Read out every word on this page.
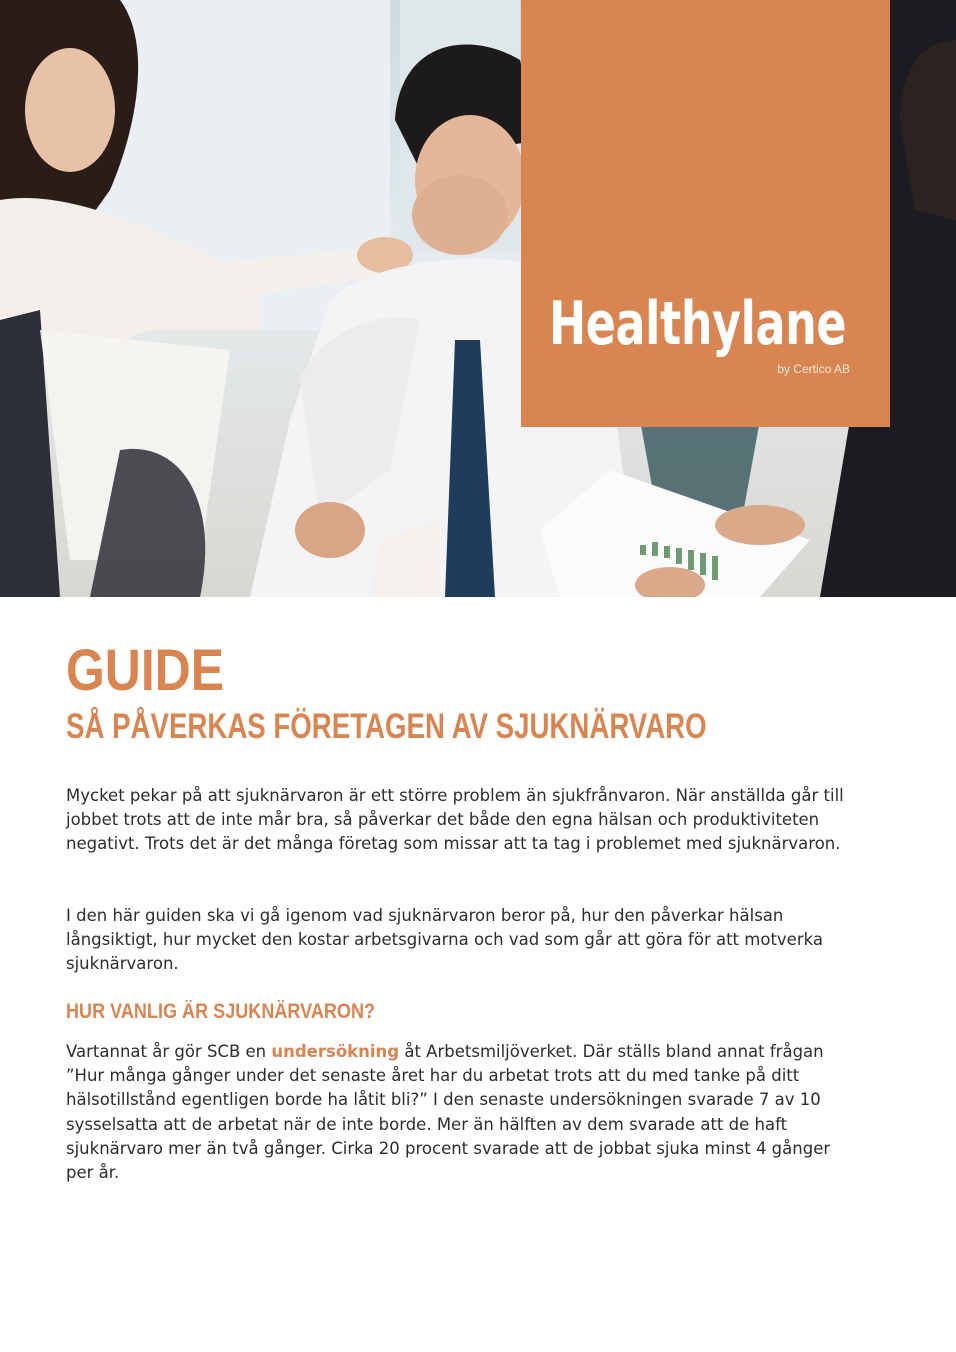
Healthylane
by Certico AB
GUIDE
SÅ PÅVERKAS FÖRETAGEN AV SJUKNÄRVARO

Mycket pekar på att sjuknärvaron är ett större problem än sjukfrånvaron. När anställda går till jobbet trots att de inte mår bra, så påverkar det både den egna hälsan och produktiviteten negativt. Trots det är det många företag som missar att ta tag i problemet med sjuknärvaron.

I den här guiden ska vi gå igenom vad sjuknärvaron beror på, hur den påverkar hälsan långsiktigt, hur mycket den kostar arbetsgivarna och vad som går att göra för att motverka sjuknärvaron.

HUR VANLIG ÄR SJUKNÄRVARON?

Vartannat år gör SCB en undersökning åt Arbetsmiljöverket. Där ställs bland annat frågan ”Hur många gånger under det senaste året har du arbetat trots att du med tanke på ditt hälsotillstånd egentligen borde ha låtit bli?” I den senaste undersökningen svarade 7 av 10 sysselsatta att de arbetat när de inte borde. Mer än hälften av dem svarade att de haft sjuknärvaro mer än två gånger. Cirka 20 procent svarade att de jobbat sjuka minst 4 gånger per år.
